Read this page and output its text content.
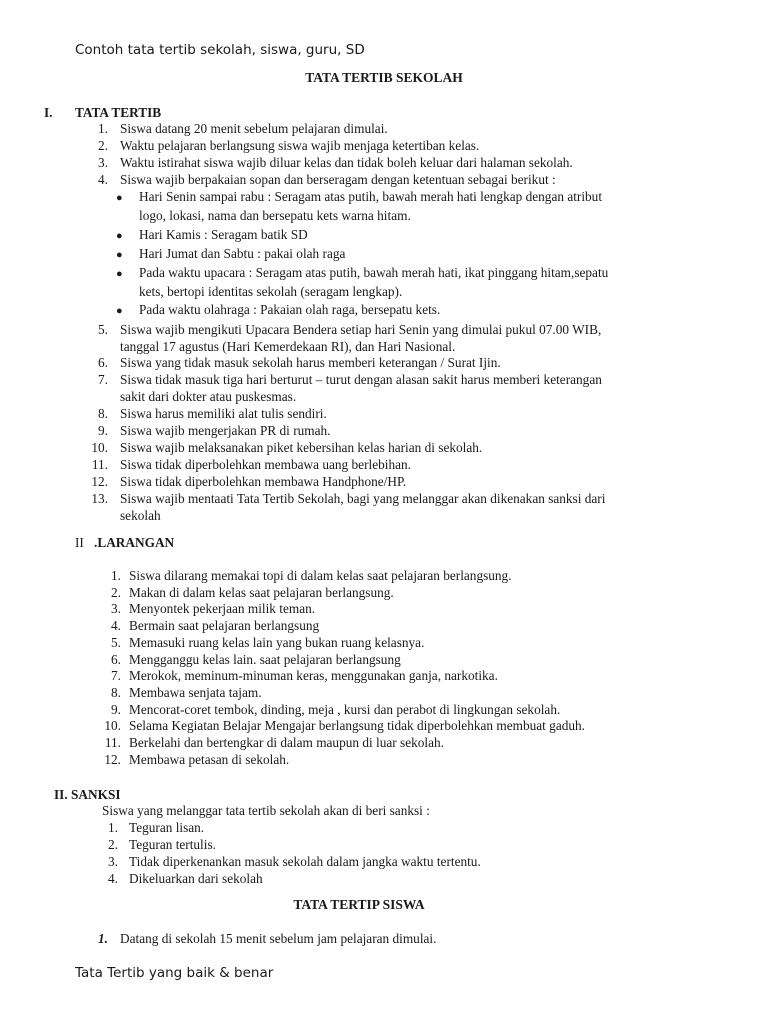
Contoh tata tertib sekolah, siswa, guru, SD
TATA TERTIB SEKOLAH
I. TATA TERTIB
1. Siswa datang 20 menit sebelum pelajaran dimulai.
2. Waktu pelajaran berlangsung siswa wajib menjaga ketertiban kelas.
3. Waktu istirahat siswa wajib diluar kelas dan tidak boleh keluar dari halaman sekolah.
4. Siswa wajib berpakaian sopan dan berseragam dengan ketentuan sebagai berikut :
● Hari Senin sampai rabu : Seragam atas putih, bawah merah hati lengkap dengan atribut
logo, lokasi, nama dan bersepatu kets warna hitam.
● Hari Kamis : Seragam batik SD
● Hari Jumat dan Sabtu : pakai olah raga
● Pada waktu upacara : Seragam atas putih, bawah merah hati, ikat pinggang hitam,sepatu
kets, bertopi identitas sekolah (seragam lengkap).
● Pada waktu olahraga : Pakaian olah raga, bersepatu kets.
5. Siswa wajib mengikuti Upacara Bendera setiap hari Senin yang dimulai pukul 07.00 WIB,
tanggal 17 agustus (Hari Kemerdekaan RI), dan Hari Nasional.
6. Siswa yang tidak masuk sekolah harus memberi keterangan / Surat Ijin.
7. Siswa tidak masuk tiga hari berturut – turut dengan alasan sakit harus memberi keterangan
sakit dari dokter atau puskesmas.
8. Siswa harus memiliki alat tulis sendiri.
9. Siswa wajib mengerjakan PR di rumah.
10. Siswa wajib melaksanakan piket kebersihan kelas harian di sekolah.
11. Siswa tidak diperbolehkan membawa uang berlebihan.
12. Siswa tidak diperbolehkan membawa Handphone/HP.
13. Siswa wajib mentaati Tata Tertib Sekolah, bagi yang melanggar akan dikenakan sanksi dari
sekolah
II .LARANGAN
1. Siswa dilarang memakai topi di dalam kelas saat pelajaran berlangsung.
2. Makan di dalam kelas saat pelajaran berlangsung.
3. Menyontek pekerjaan milik teman.
4. Bermain saat pelajaran berlangsung
5. Memasuki ruang kelas lain yang bukan ruang kelasnya.
6. Mengganggu kelas lain. saat pelajaran berlangsung
7. Merokok, meminum-minuman keras, menggunakan ganja, narkotika.
8. Membawa senjata tajam.
9. Mencorat-coret tembok, dinding, meja , kursi dan perabot di lingkungan sekolah.
10. Selama Kegiatan Belajar Mengajar berlangsung tidak diperbolehkan membuat gaduh.
11. Berkelahi dan bertengkar di dalam maupun di luar sekolah.
12. Membawa petasan di sekolah.
II. SANKSI
Siswa yang melanggar tata tertib sekolah akan di beri sanksi :
1. Teguran lisan.
2. Teguran tertulis.
3. Tidak diperkenankan masuk sekolah dalam jangka waktu tertentu.
4. Dikeluarkan dari sekolah
TATA TERTIP SISWA
1. Datang di sekolah 15 menit sebelum jam pelajaran dimulai.
Tata Tertib yang baik & benar
